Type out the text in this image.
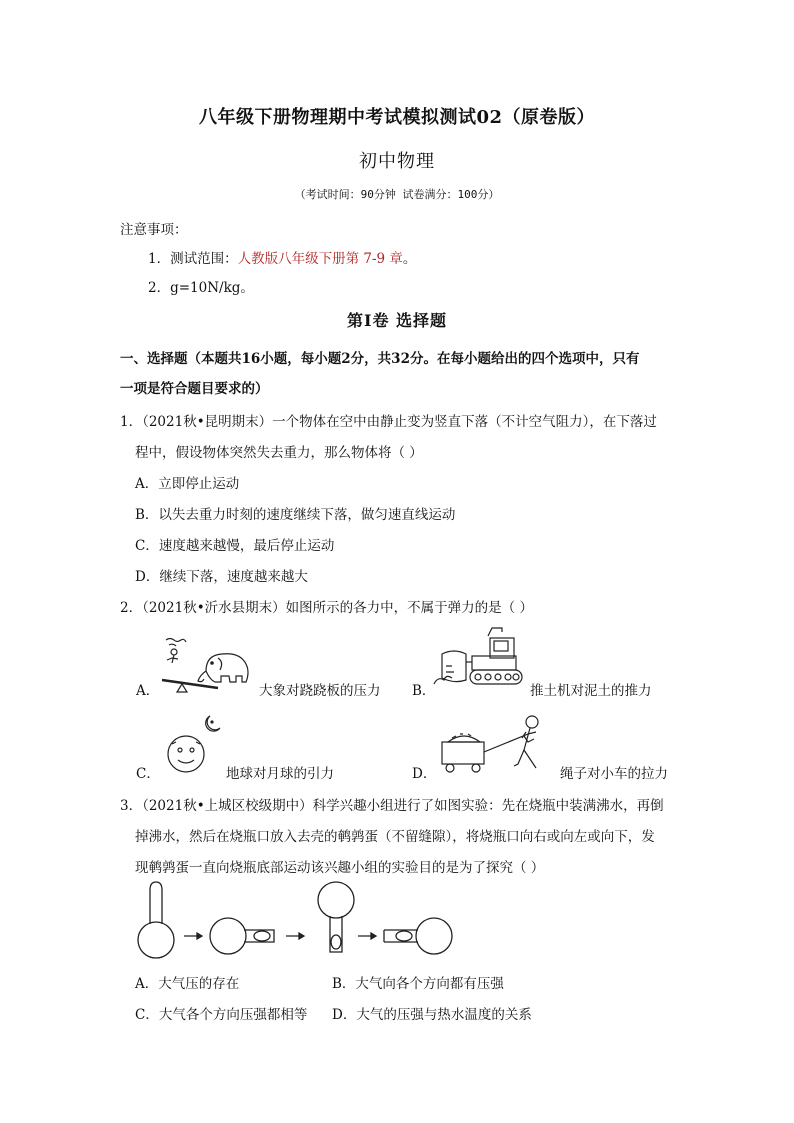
八年级下册物理期中考试模拟测试02（原卷版）
初中物理
（考试时间：90分钟 试卷满分：100分）
注意事项：
1．测试范围：人教版八年级下册第 7-9 章。
2．g=10N/kg。
第Ⅰ卷 选择题
一、选择题（本题共16小题，每小题2分，共32分。在每小题给出的四个选项中，只有
一项是符合题目要求的）
1．（2021秋•昆明期末）一个物体在空中由静止变为竖直下落（不计空气阻力），在下落过
程中，假设物体突然失去重力，那么物体将（ ）
A．立即停止运动
B．以失去重力时刻的速度继续下落，做匀速直线运动
C．速度越来越慢，最后停止运动
D．继续下落，速度越来越大
2．（2021秋•沂水县期末）如图所示的各力中，不属于弹力的是（ ）
A．	大象对跷跷板的压力 B．	推土机对泥土的推力
C．	地球对月球的引力	D．	绳子对小车的拉力
3．（2021秋•上城区校级期中）科学兴趣小组进行了如图实验：先在烧瓶中装满沸水，再倒
掉沸水，然后在烧瓶口放入去壳的鹌鹑蛋（不留缝隙），将烧瓶口向右或向左或向下，发
现鹌鹑蛋一直向烧瓶底部运动该兴趣小组的实验目的是为了探究（ ）
A．大气压的存在	B．大气向各个方向都有压强
C．大气各个方向压强都相等 D．大气的压强与热水温度的关系
